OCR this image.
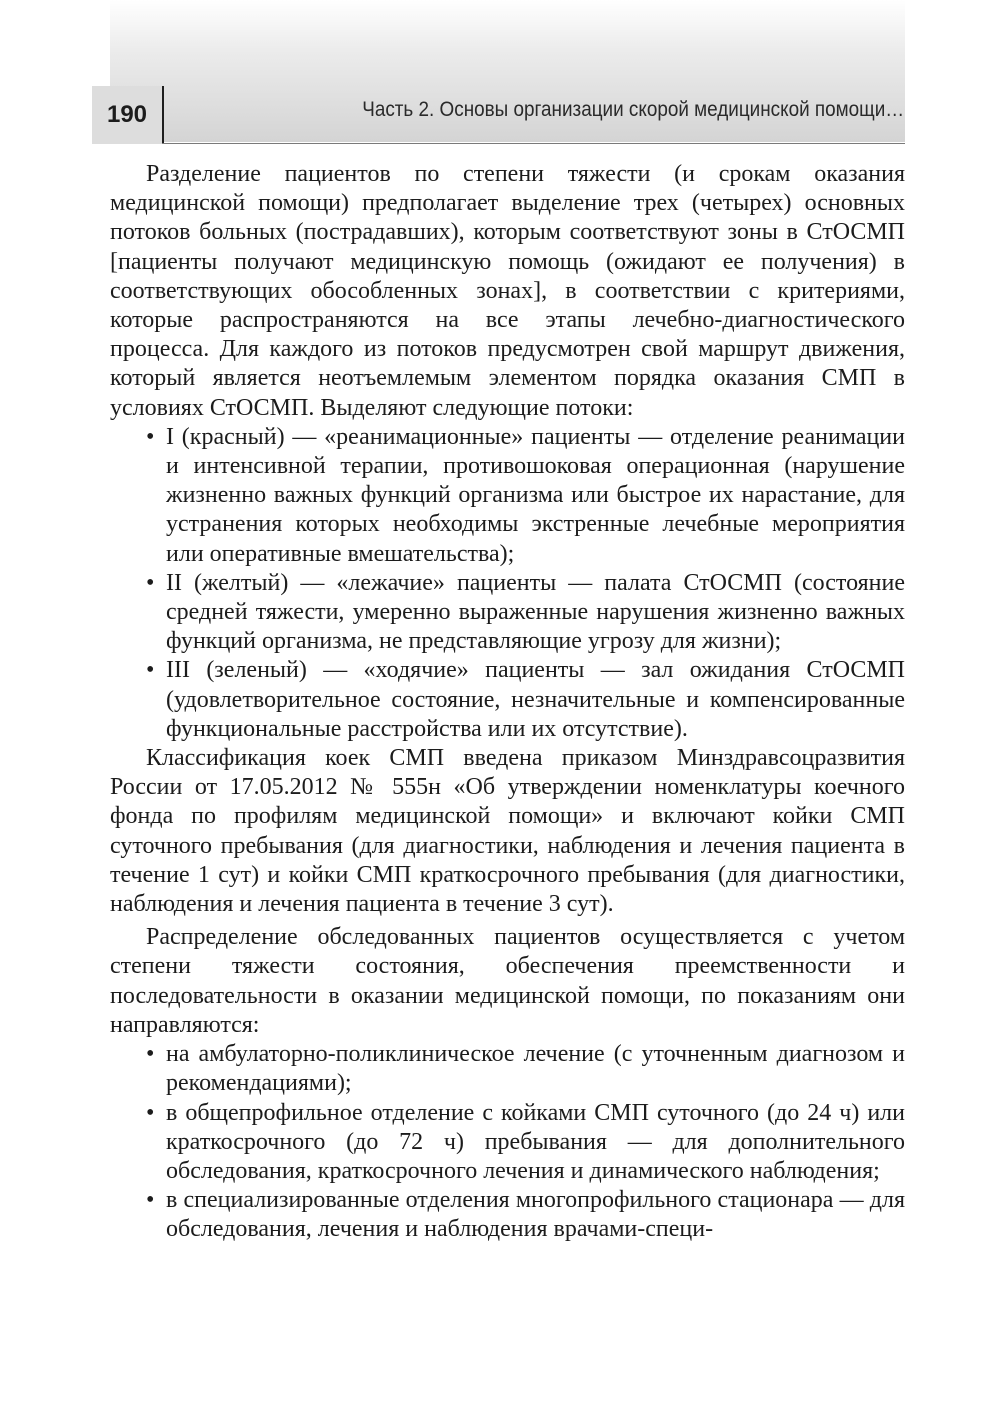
190	Часть 2. Основы организации скорой медицинской помощи…

Разделение пациентов по степени тяжести (и срокам оказания медицинской помощи) предполагает выделение трех (четырех) основных потоков больных (пострадавших), которым соответствуют зоны в СтОСМП [пациенты получают медицинскую помощь (ожидают ее получения) в соответствующих обособленных зонах], в соответствии с критериями, которые распространяются на все этапы лечебно-диагностического процесса. Для каждого из потоков предусмотрен свой маршрут движения, который является неотъемлемым элементом порядка оказания СМП в условиях СтОСМП. Выделяют следующие потоки:

• I (красный) — «реанимационные» пациенты — отделение реанимации и интенсивной терапии, противошоковая операционная (нарушение жизненно важных функций организма или быстрое их нарастание, для устранения которых необходимы экстренные лечебные мероприятия или оперативные вмешательства);
• II (желтый) — «лежачие» пациенты — палата СтОСМП (состояние средней тяжести, умеренно выраженные нарушения жизненно важных функций организма, не представляющие угрозу для жизни);
• III (зеленый) — «ходячие» пациенты — зал ожидания СтОСМП (удовлетворительное состояние, незначительные и компенсированные функциональные расстройства или их отсутствие).

Классификация коек СМП введена приказом Минздравсоцразвития России от 17.05.2012 № 555н «Об утверждении номенклатуры коечного фонда по профилям медицинской помощи» и включают койки СМП суточного пребывания (для диагностики, наблюдения и лечения пациента в течение 1 сут) и койки СМП краткосрочного пребывания (для диагностики, наблюдения и лечения пациента в течение 3 сут).

Распределение обследованных пациентов осуществляется с учетом степени тяжести состояния, обеспечения преемственности и последовательности в оказании медицинской помощи, по показаниям они направляются:

• на амбулаторно-поликлиническое лечение (с уточненным диагнозом и рекомендациями);
• в общепрофильное отделение с койками СМП суточного (до 24 ч) или краткосрочного (до 72 ч) пребывания — для дополнительного обследования, краткосрочного лечения и динамического наблюдения;
• в специализированные отделения многопрофильного стационара — для обследования, лечения и наблюдения врачами-специ-
